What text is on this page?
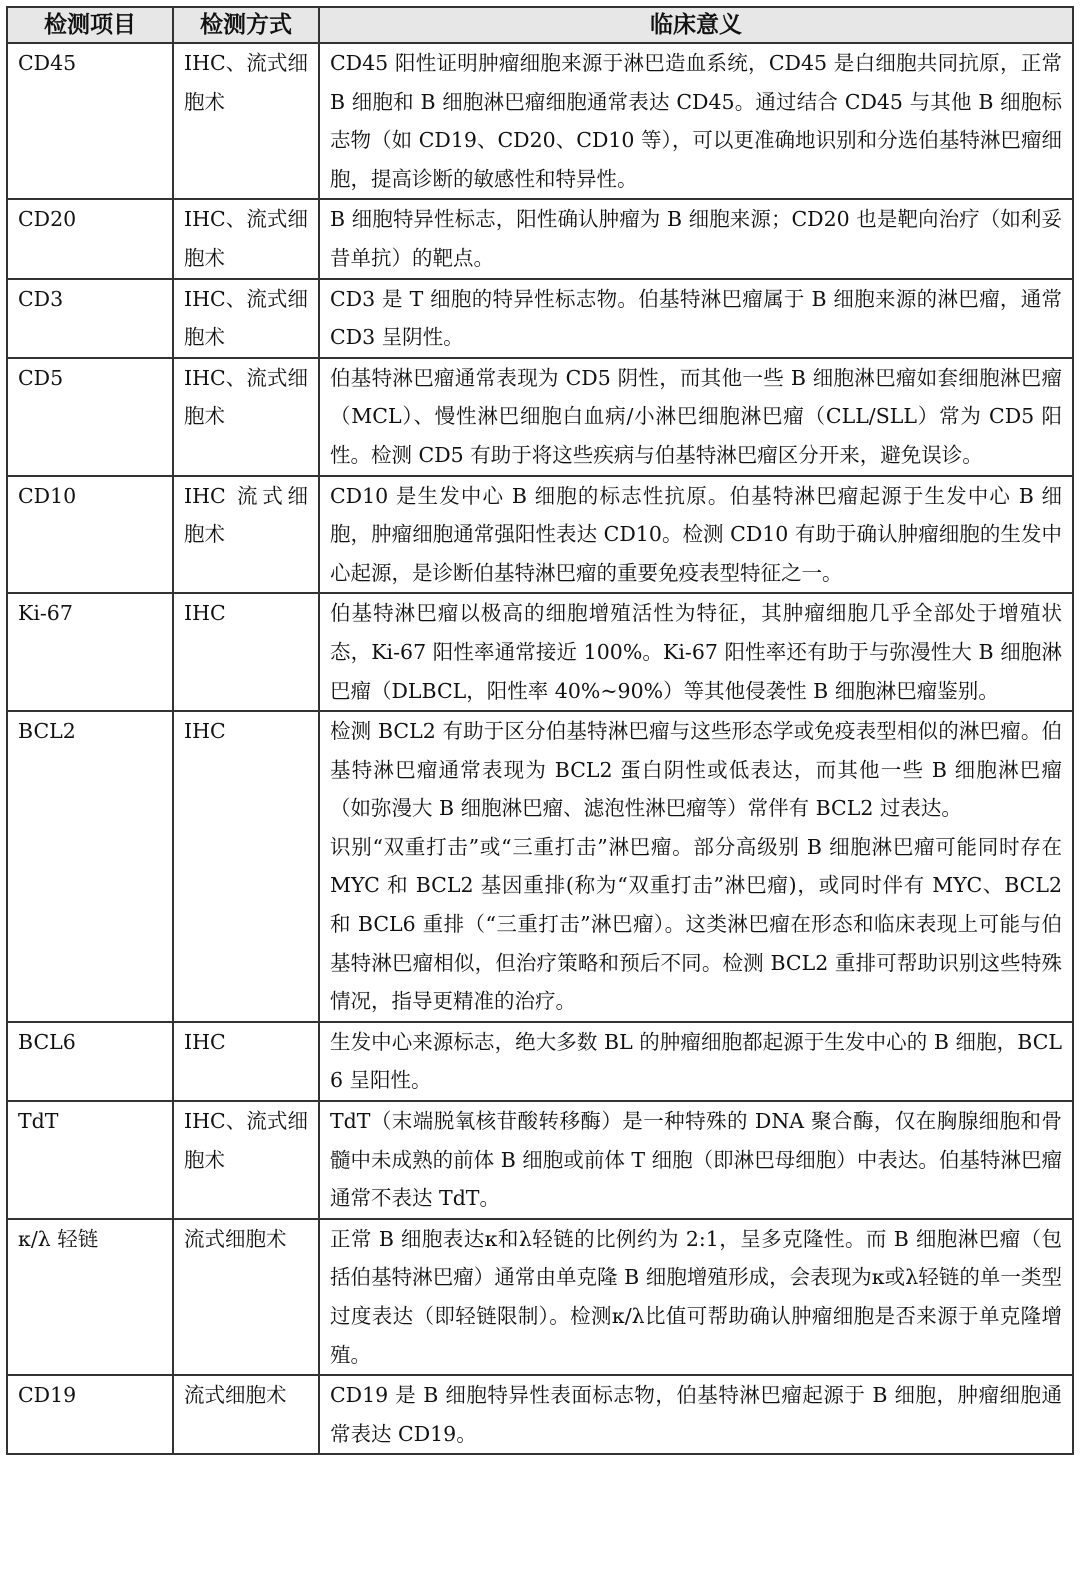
检测项目	检测方式	临床意义
CD45	IHC、流式细胞术	CD45 阳性证明肿瘤细胞来源于淋巴造血系统，CD45 是白细胞共同抗原，正常 B 细胞和 B 细胞淋巴瘤细胞通常表达 CD45。通过结合 CD45 与其他 B 细胞标志物（如 CD19、CD20、CD10 等），可以更准确地识别和分选伯基特淋巴瘤细胞，提高诊断的敏感性和特异性。

CD20	IHC、流式细胞术	B 细胞特异性标志，阳性确认肿瘤为 B 细胞来源；CD20 也是靶向治疗（如利妥昔单抗）的靶点。

CD3	IHC、流式细胞术	CD3 是 T 细胞的特异性标志物。伯基特淋巴瘤属于 B 细胞来源的淋巴瘤，通常 CD3 呈阴性。

CD5	IHC、流式细胞术	伯基特淋巴瘤通常表现为 CD5 阴性，而其他一些 B 细胞淋巴瘤如套细胞淋巴瘤（MCL）、慢性淋巴细胞白血病/小淋巴细胞淋巴瘤（CLL/SLL）常为 CD5 阳性。检测 CD5 有助于将这些疾病与伯基特淋巴瘤区分开来，避免误诊。

CD10	IHC 流式细胞术	CD10 是生发中心 B 细胞的标志性抗原。伯基特淋巴瘤起源于生发中心 B 细胞，肿瘤细胞通常强阳性表达 CD10。检测 CD10 有助于确认肿瘤细胞的生发中心起源，是诊断伯基特淋巴瘤的重要免疫表型特征之一。

Ki-67	IHC	伯基特淋巴瘤以极高的细胞增殖活性为特征，其肿瘤细胞几乎全部处于增殖状态，Ki-67 阳性率通常接近 100%。Ki-67 阳性率还有助于与弥漫性大 B 细胞淋巴瘤（DLBCL，阳性率 40%~90%）等其他侵袭性 B 细胞淋巴瘤鉴别。

BCL2	IHC	检测 BCL2 有助于区分伯基特淋巴瘤与这些形态学或免疫表型相似的淋巴瘤。伯基特淋巴瘤通常表现为 BCL2 蛋白阴性或低表达，而其他一些 B 细胞淋巴瘤（如弥漫大 B 细胞淋巴瘤、滤泡性淋巴瘤等）常伴有 BCL2 过表达。
识别“双重打击”或“三重打击”淋巴瘤。部分高级别 B 细胞淋巴瘤可能同时存在 MYC 和 BCL2 基因重排(称为“双重打击”淋巴瘤)，或同时伴有 MYC、BCL2 和 BCL6 重排（“三重打击”淋巴瘤）。这类淋巴瘤在形态和临床表现上可能与伯基特淋巴瘤相似，但治疗策略和预后不同。检测 BCL2 重排可帮助识别这些特殊情况，指导更精准的治疗。

BCL6	IHC	生发中心来源标志，绝大多数 BL 的肿瘤细胞都起源于生发中心的 B 细胞，BCL6 呈阳性。

TdT	IHC、流式细胞术	TdT（末端脱氧核苷酸转移酶）是一种特殊的 DNA 聚合酶，仅在胸腺细胞和骨髓中未成熟的前体 B 细胞或前体 T 细胞（即淋巴母细胞）中表达。伯基特淋巴瘤通常不表达 TdT。

κ/λ 轻链	流式细胞术	正常 B 细胞表达κ和λ轻链的比例约为 2:1，呈多克隆性。而 B 细胞淋巴瘤（包括伯基特淋巴瘤）通常由单克隆 B 细胞增殖形成，会表现为κ或λ轻链的单一类型过度表达（即轻链限制）。检测κ/λ比值可帮助确认肿瘤细胞是否来源于单克隆增殖。

CD19	流式细胞术	CD19 是 B 细胞特异性表面标志物，伯基特淋巴瘤起源于 B 细胞，肿瘤细胞通常表达 CD19。
